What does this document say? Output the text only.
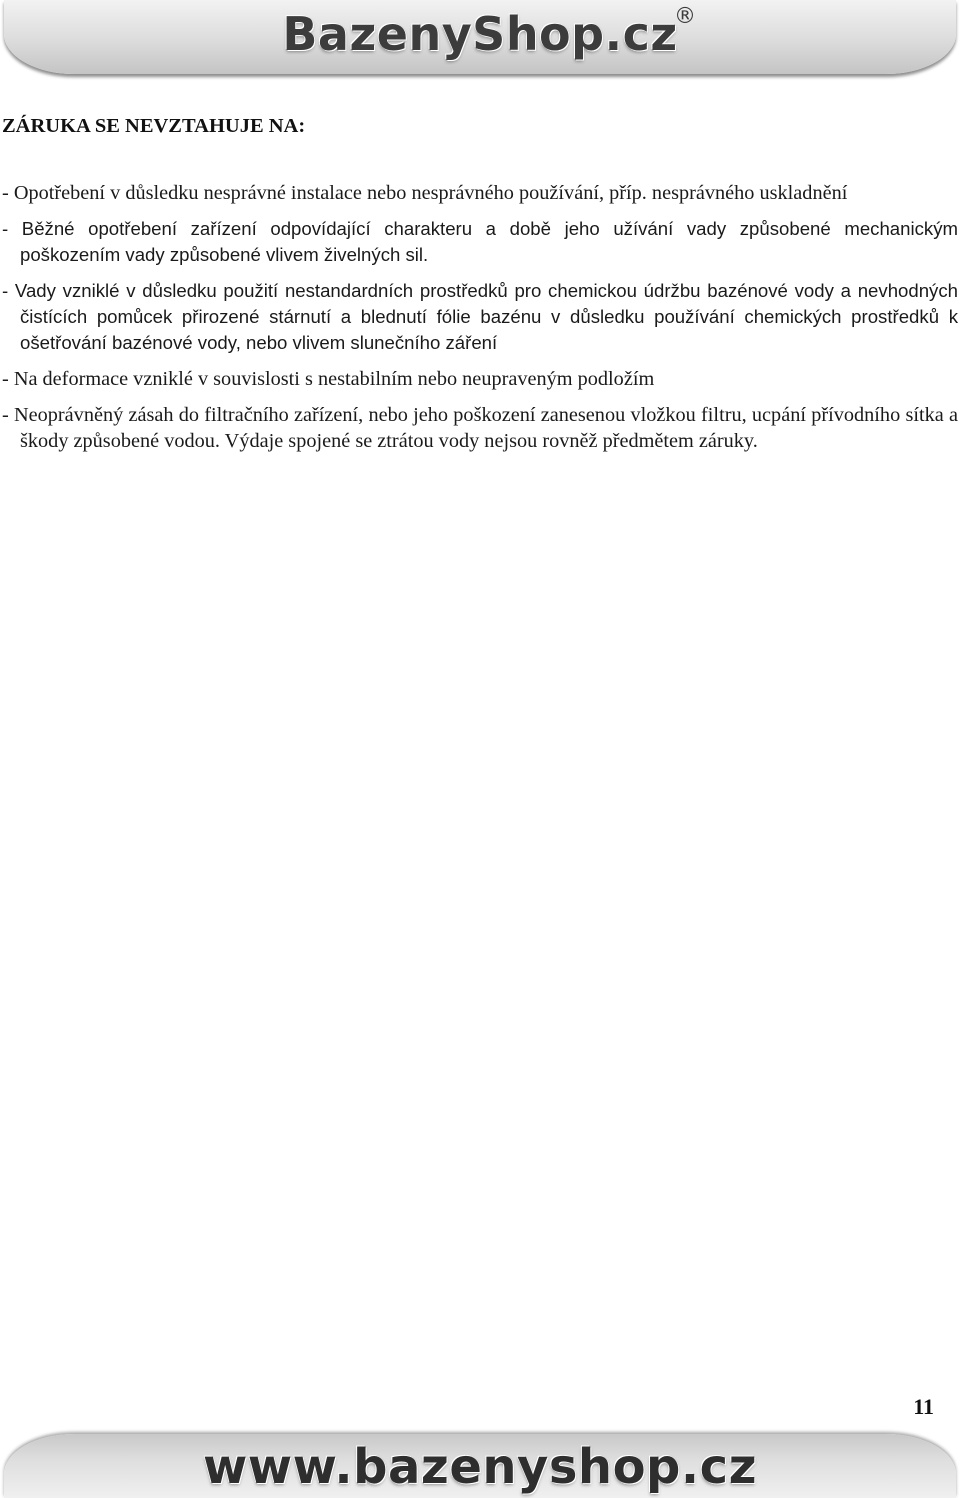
BazenyShop.cz
®
ZÁRUKA SE NEVZTAHUJE NA:
- Opotřebení v důsledku nesprávné instalace nebo nesprávného používání, příp. nesprávného uskladnění
- Běžné opotřebení zařízení odpovídající charakteru a době jeho užívání vady způsobené mechanickým poškozením vady způsobené vlivem živelných sil.
- Vady vzniklé v důsledku použití nestandardních prostředků pro chemickou údržbu bazénové vody a nevhodných čistících pomůcek přirozené stárnutí a blednutí fólie bazénu v důsledku používání chemických prostředků k ošetřování bazénové vody, nebo vlivem slunečního záření
- Na deformace vzniklé v souvislosti s nestabilním nebo neupraveným podložím
- Neoprávněný zásah do filtračního zařízení, nebo jeho poškození zanesenou vložkou filtru, ucpání přívodního sítka a škody způsobené vodou. Výdaje spojené se ztrátou vody nejsou rovněž předmětem záruky.
11
www.bazenyshop.cz
